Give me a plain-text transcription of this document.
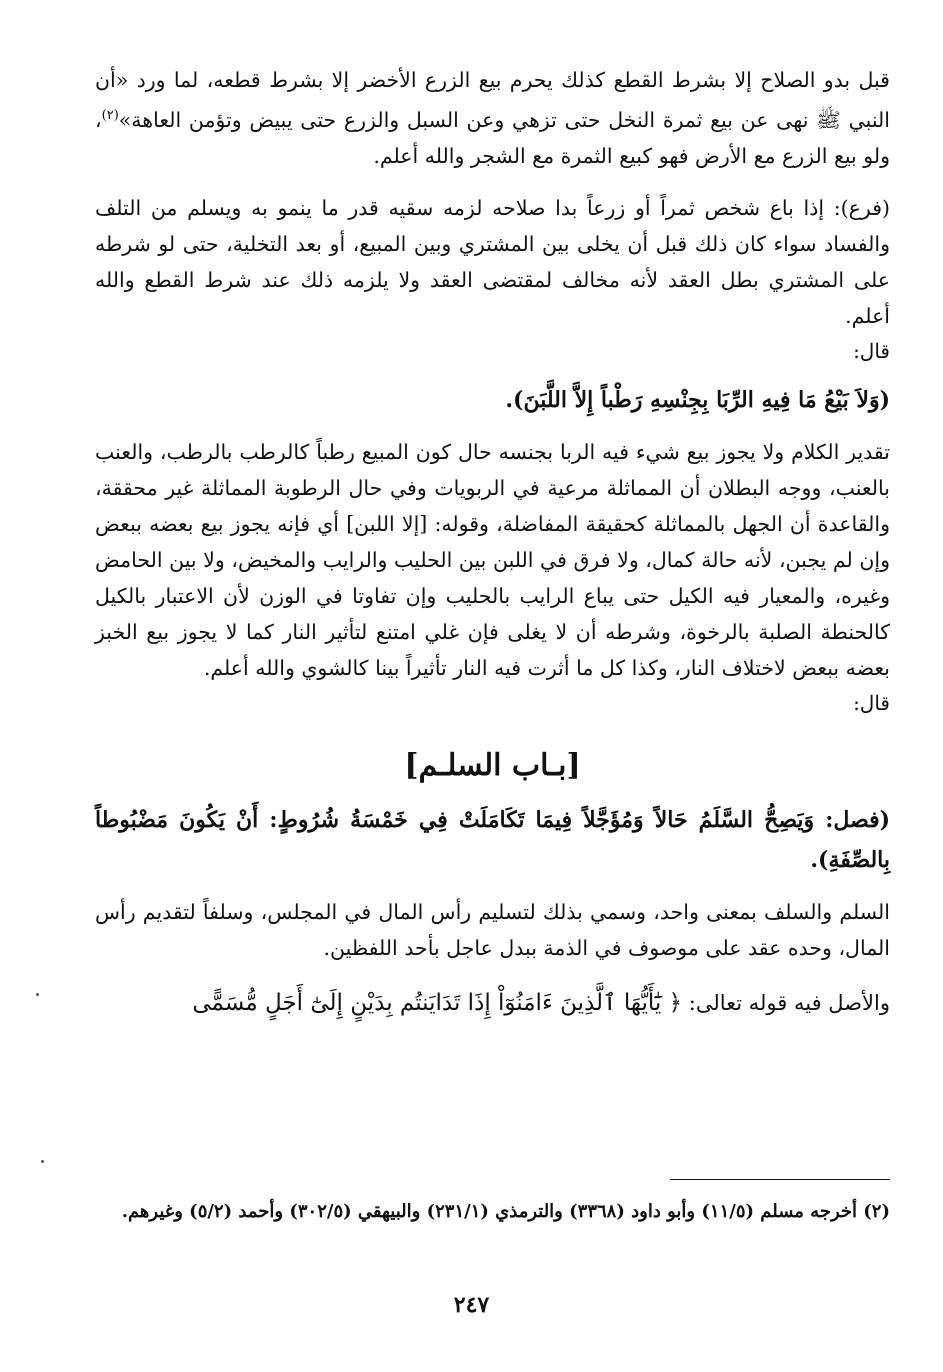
قبل بدو الصلاح إلا بشرط القطع كذلك يحرم بيع الزرع الأخضر إلا بشرط قطعه، لما ورد «أن النبي ﷺ نهى عن بيع ثمرة النخل حتى تزهي وعن السبل والزرع حتى يبيض وتؤمن العاهة»$^{(٢)}$، ولو بيع الزرع مع الأرض فهو كبيع الثمرة مع الشجر والله أعلم.

(فرع): إذا باع شخص ثمراً أو زرعاً بدا صلاحه لزمه سقيه قدر ما ينمو به ويسلم من التلف والفساد سواء كان ذلك قبل أن يخلى بين المشتري وبين المبيع، أو بعد التخلية، حتى لو شرطه على المشتري بطل العقد لأنه مخالف لمقتضى العقد ولا يلزمه ذلك عند شرط القطع والله أعلم.

قال:

(وَلاَ بَيْعُ مَا فِيهِ الرِّبَا بِجِنْسِهِ رَطْباً إِلاَّ اللَّبَنَ).

تقدير الكلام ولا يجوز بيع شيء فيه الربا بجنسه حال كون المبيع رطباً كالرطب بالرطب، والعنب بالعنب، ووجه البطلان أن المماثلة مرعية في الربويات وفي حال الرطوبة المماثلة غير محققة، والقاعدة أن الجهل بالمماثلة كحقيقة المفاضلة، وقوله: [إلا اللبن] أي فإنه يجوز بيع بعضه ببعض وإن لم يجبن، لأنه حالة كمال، ولا فرق في اللبن بين الحليب والرايب والمخيض، ولا بين الحامض وغيره، والمعيار فيه الكيل حتى يباع الرايب بالحليب وإن تفاوتا في الوزن لأن الاعتبار بالكيل كالحنطة الصلبة بالرخوة، وشرطه أن لا يغلى فإن غلي امتنع لتأثير النار كما لا يجوز بيع الخبز بعضه ببعض لاختلاف النار، وكذا كل ما أثرت فيه النار تأثيراً بينا كالشوي والله أعلم.

قال:

[بـاب السلـم]

(فصل: وَيَصِحُّ السَّلَمُ حَالاً وَمُؤَجَّلاً فِيمَا تَكَامَلَتْ فِي خَمْسَةُ شُرُوطٍ: أَنْ يَكُونَ مَضْبُوطاً بِالصِّفَةِ).

السلم والسلف بمعنى واحد، وسمي بذلك لتسليم رأس المال في المجلس، وسلفاً لتقديم رأس المال، وحده عقد على موصوف في الذمة ببدل عاجل بأحد اللفظين.

والأصل فيه قوله تعالى: ﴿ يَٰٓأَيُّهَا ٱلَّذِينَ ءَامَنُوٓاْ إِذَا تَدَايَنتُم بِدَيْنٍ إِلَىٰٓ أَجَلٍ مُّسَمًّى
(٢) أخرجه مسلم (١١/٥) وأبو داود (٣٣٦٨) والترمذي (٢٣١/١) والبيهقي (٣٠٢/٥) وأحمد (٥/٢) وغيرهم.
٢٤٧
